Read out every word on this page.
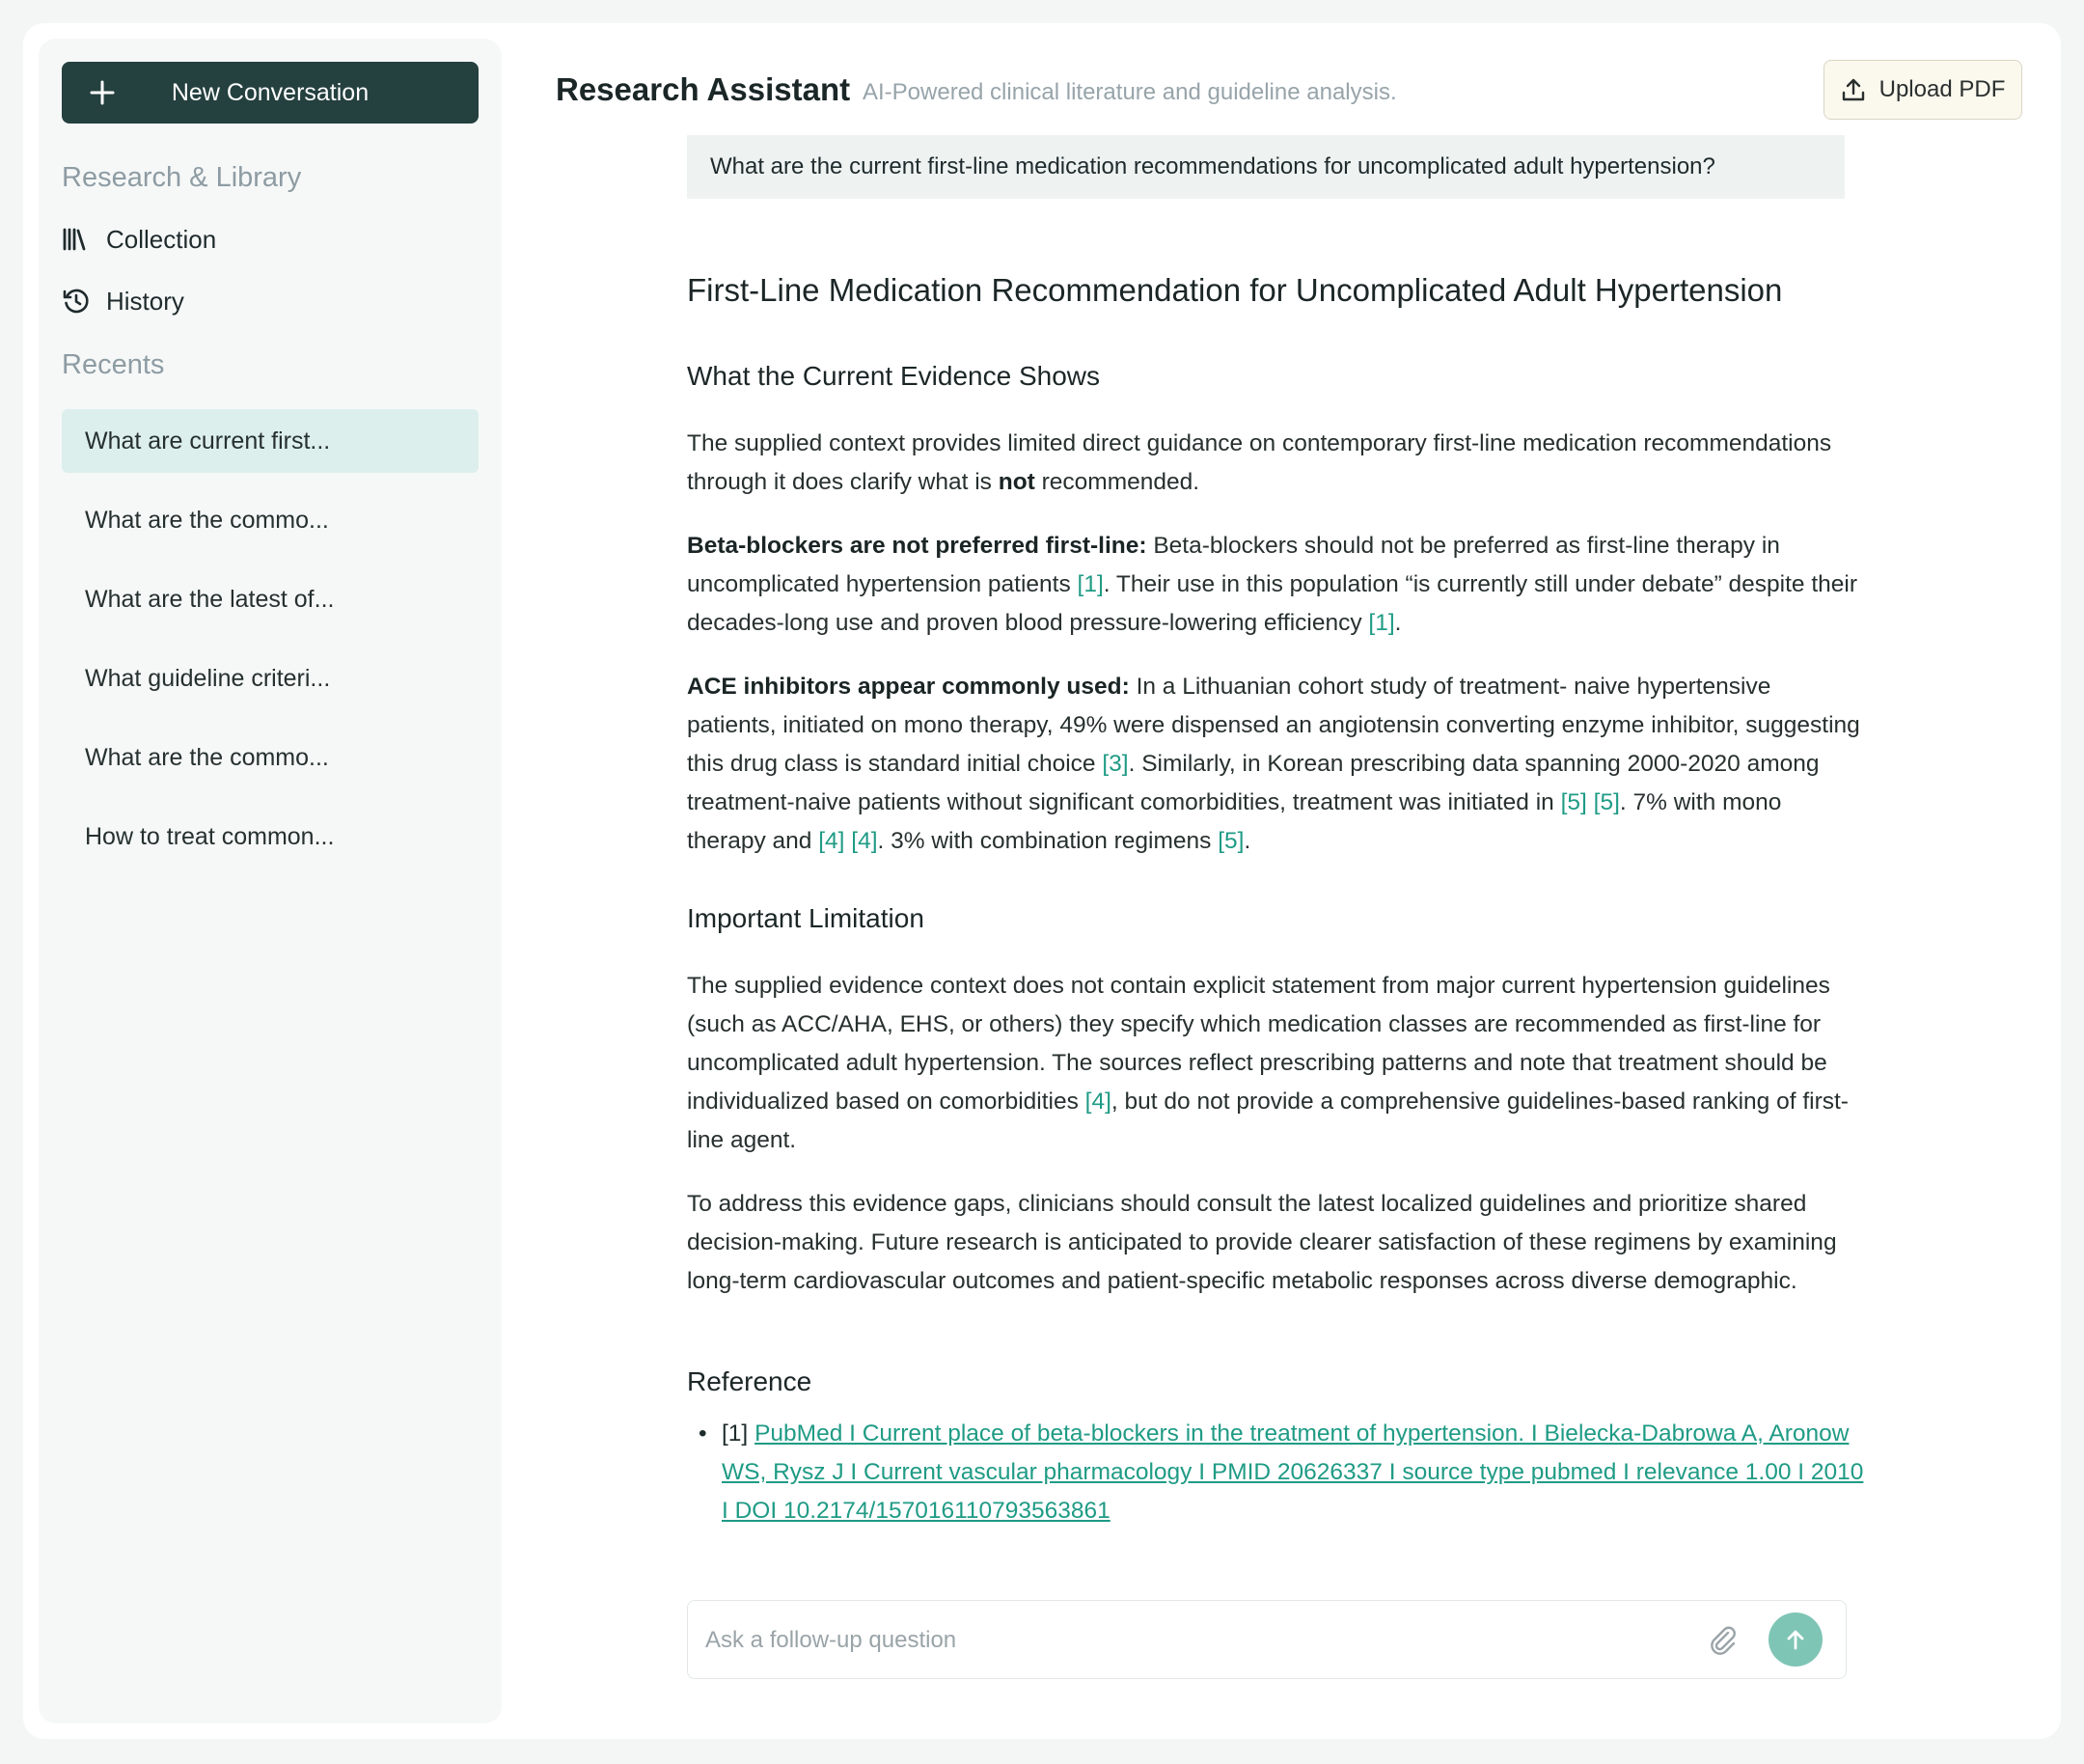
New Conversation
Research & Library
Collection
History
Recents
What are current first...
What are the commo...
What are the latest of...
What guideline criteri...
What are the commo...
How to treat common...
Research Assistant AI-Powered clinical literature and guideline analysis.	Upload PDF
What are the current first-line medication recommendations for uncomplicated adult hypertension?
First-Line Medication Recommendation for Uncomplicated Adult Hypertension
What the Current Evidence Shows
The supplied context provides limited direct guidance on contemporary first-line medication recommendations through it does clarify what is not recommended.
Beta-blockers are not preferred first-line: Beta-blockers should not be preferred as first-line therapy in uncomplicated hypertension patients [1]. Their use in this population “is currently still under debate” despite their decades-long use and proven blood pressure-lowering efficiency [1].
ACE inhibitors appear commonly used: In a Lithuanian cohort study of treatment- naive hypertensive patients, initiated on mono therapy, 49% were dispensed an angiotensin converting enzyme inhibitor, suggesting this drug class is standard initial choice [3]. Similarly, in Korean prescribing data spanning 2000-2020 among treatment-naive patients without significant comorbidities, treatment was initiated in [5] [5]. 7% with mono therapy and [4] [4]. 3% with combination regimens [5].
Important Limitation
The supplied evidence context does not contain explicit statement from major current hypertension guidelines (such as ACC/AHA, EHS, or others) they specify which medication classes are recommended as first-line for uncomplicated adult hypertension. The sources reflect prescribing patterns and note that treatment should be individualized based on comorbidities [4], but do not provide a comprehensive guidelines-based ranking of first-line agent.
To address this evidence gaps, clinicians should consult the latest localized guidelines and prioritize shared decision-making. Future research is anticipated to provide clearer satisfaction of these regimens by examining long-term cardiovascular outcomes and patient-specific metabolic responses across diverse demographic.
Reference
• [1] PubMed I Current place of beta-blockers in the treatment of hypertension. I Bielecka-Dabrowa A, Aronow WS, Rysz J I Current vascular pharmacology I PMID 20626337 I source type pubmed I relevance 1.00 I 2010 I DOI 10.2174/157016110793563861
Ask a follow-up question
